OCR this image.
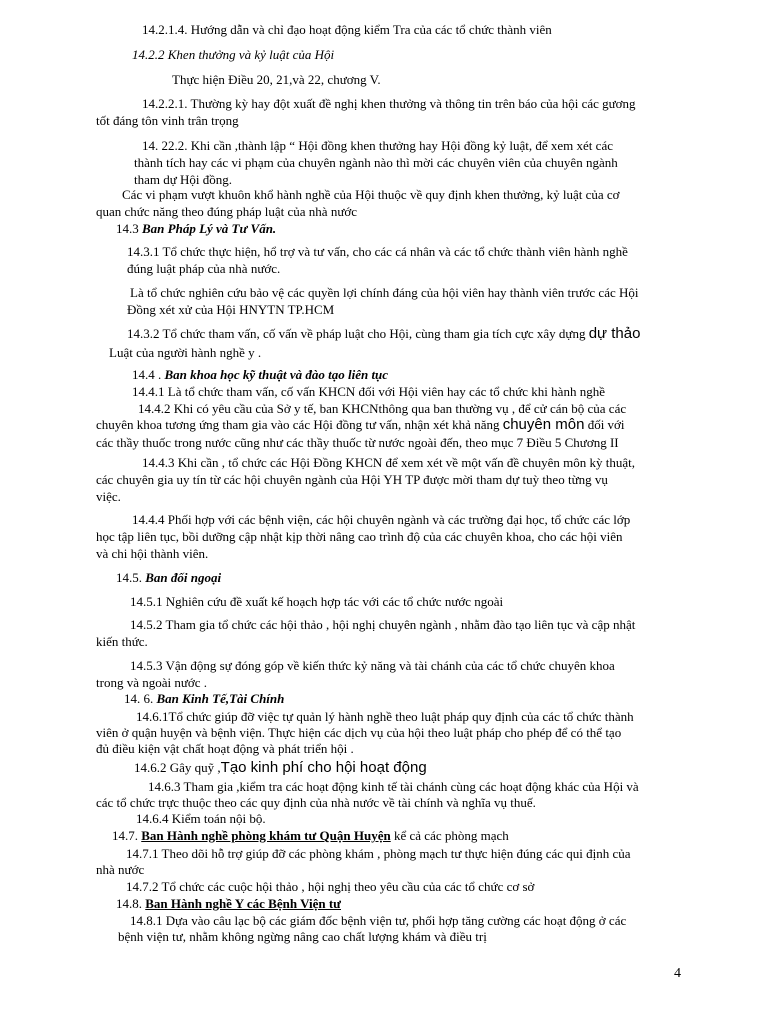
14.2.1.4. Hướng dẫn và chỉ đạo hoạt động kiểm Tra của các tổ chức thành viên
14.2.2 Khen thưởng và kỷ luật của Hội
Thực hiện Điều 20, 21,và 22, chương V.
14.2.2.1. Thường kỳ hay đột xuất đề nghị khen thưởng và thông tin trên báo của hội các gương
tốt đáng tôn vinh trân trọng
14. 22.2. Khi cần ,thành lập “ Hội đồng khen thưởng hay Hội đồng kỷ luật, để xem xét các
thành tích hay các vi phạm của chuyên ngành nào thì mời các chuyên viên của chuyên ngành
tham dự Hội đồng.
Các vi phạm vượt khuôn khổ hành nghề của Hội thuộc về quy định khen thưởng, kỷ luật của cơ
quan chức năng theo đúng pháp luật của nhà nước
14.3 Ban Pháp Lý và Tư Vấn.
14.3.1 Tổ chức thực hiện, hổ trợ và tư vấn, cho các cá nhân và các tổ chức thành viên hành nghề
đúng luật pháp của nhà nước.
Là tổ chức nghiên cứu bảo vệ các quyền lợi chính đáng của hội viên hay thành viên trước các Hội
Đồng xét xử của Hội HNYTN TP.HCM
14.3.2 Tổ chức tham vấn, cố vấn về pháp luật cho Hội, cùng tham gia tích cực xây dựng dự thảo
Luật của người hành nghề y .
14.4 . Ban khoa học kỹ thuật và đào tạo liên tục
14.4.1 Là tổ chức tham vấn, cố vấn KHCN đối với Hội viên hay các tổ chức khi hành nghề
14.4.2 Khi có yêu cầu của Sở y tế, ban KHCNthông qua ban thường vụ , để cử cán bộ của các
chuyên khoa tương ứng tham gia vào các Hội đồng tư vấn, nhận xét khả năng chuyên môn đối với
các thầy thuốc trong nước cũng như các thầy thuốc từ nước ngoài đến, theo mục 7 Điều 5 Chương II
14.4.3 Khi cần , tổ chức các Hội Đồng KHCN để xem xét về một vấn đề chuyên môn kỳ thuật,
các chuyên gia uy tín từ các hội chuyên ngành của Hội YH TP được mời tham dự tuỳ theo từng vụ
việc.
14.4.4 Phối hợp với các bệnh viện, các hội chuyên ngành và các trường đại học, tổ chức các lớp
học tập liên tục, bồi dưỡng cập nhật kịp thời nâng cao trình độ của các chuyên khoa, cho các hội viên
và chi hội thành viên.
14.5. Ban đối ngoại
14.5.1 Nghiên cứu đề xuất kế hoạch hợp tác với các tổ chức nước ngoài
14.5.2 Tham gia tổ chức các hội thảo , hội nghị chuyên ngành , nhằm đào tạo liên tục và cập nhật
kiến thức.
14.5.3 Vận động sự đóng góp về kiến thức kỷ năng và tài chánh của các tổ chức chuyên khoa
trong và ngoài nước .
14. 6. Ban Kinh Tế,Tài Chính
14.6.1Tổ chức giúp đỡ việc tự quản lý hành nghề theo luật pháp quy định của các tổ chức thành
viên ở quận huyện và bệnh viện. Thực hiện các dịch vụ của hội theo luật pháp cho phép để có thể tạo
đủ điều kiện vật chất hoạt động và phát triển hội .
14.6.2 Gây quỹ ,Tạo kinh phí cho hội hoạt động
14.6.3 Tham gia ,kiểm tra các hoạt động kinh tế tài chánh cùng các hoạt động khác của Hội và
các tổ chức trực thuộc theo các quy định của nhà nước về tài chính và nghĩa vụ thuế.
14.6.4 Kiểm toán nội bộ.
14.7. Ban Hành nghề phòng khám tư Quận Huyện kể cả các phòng mạch
14.7.1 Theo dõi hỗ trợ giúp đỡ các phòng khám , phòng mạch tư thực hiện đúng các qui định của
nhà nước
14.7.2 Tổ chức các cuộc hội thảo , hội nghị theo yêu cầu của các tổ chức cơ sở
14.8. Ban Hành nghề Y các Bệnh Viện tư
14.8.1 Dựa vào câu lạc bộ các giám đốc bệnh viện tư, phối hợp tăng cường các hoạt động ở các
bệnh viện tư, nhằm không ngừng nâng cao chất lượng khám và điều trị
4
